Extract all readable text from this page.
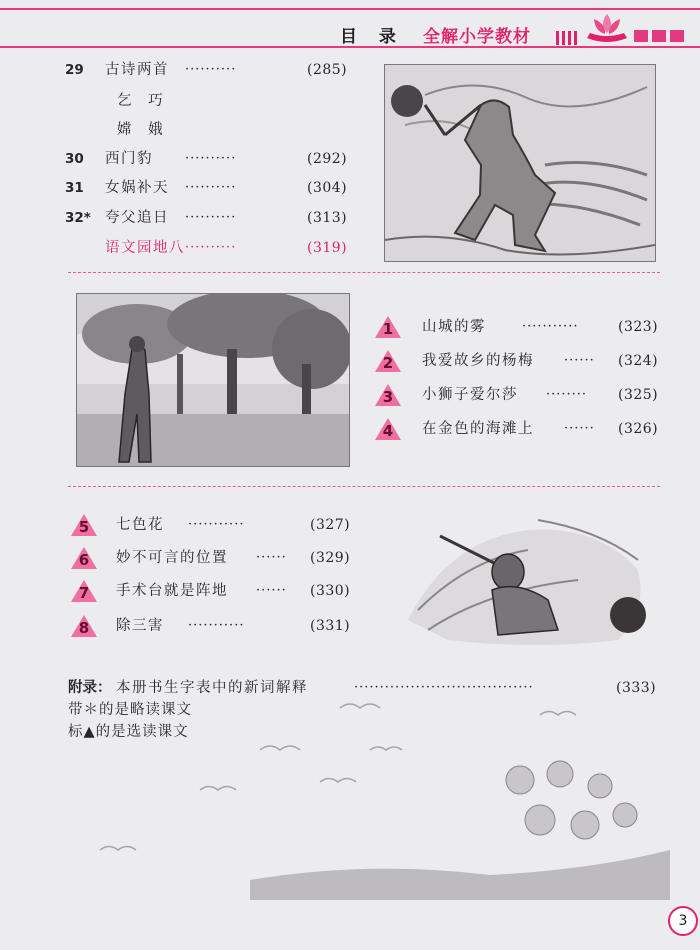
目 录 全解小学教材
29 古诗两首 ··········	(285)
乞 巧
嫦 娥
30 西门豹 ··········	(292)
31 女娲补天 ··········	(304)
32* 夸父追日 ··········	(313)
语文园地八 ··········	(319)
1	山城的雾	···········	(323)
2	我爱故乡的杨梅 ······ (324)
3	小狮子爱尔莎 ········ (325)
4	在金色的海滩上 ······ (326)
5	七色花 ···········	(327)
6	妙不可言的位置 ······ (329)
7	手术台就是阵地 ······ (330)
8	除三害 ···········	(331)
附录： 本册书生字表中的新词解释	···································	(333)
带＊的是略读课文
标▲的是选读课文
3
